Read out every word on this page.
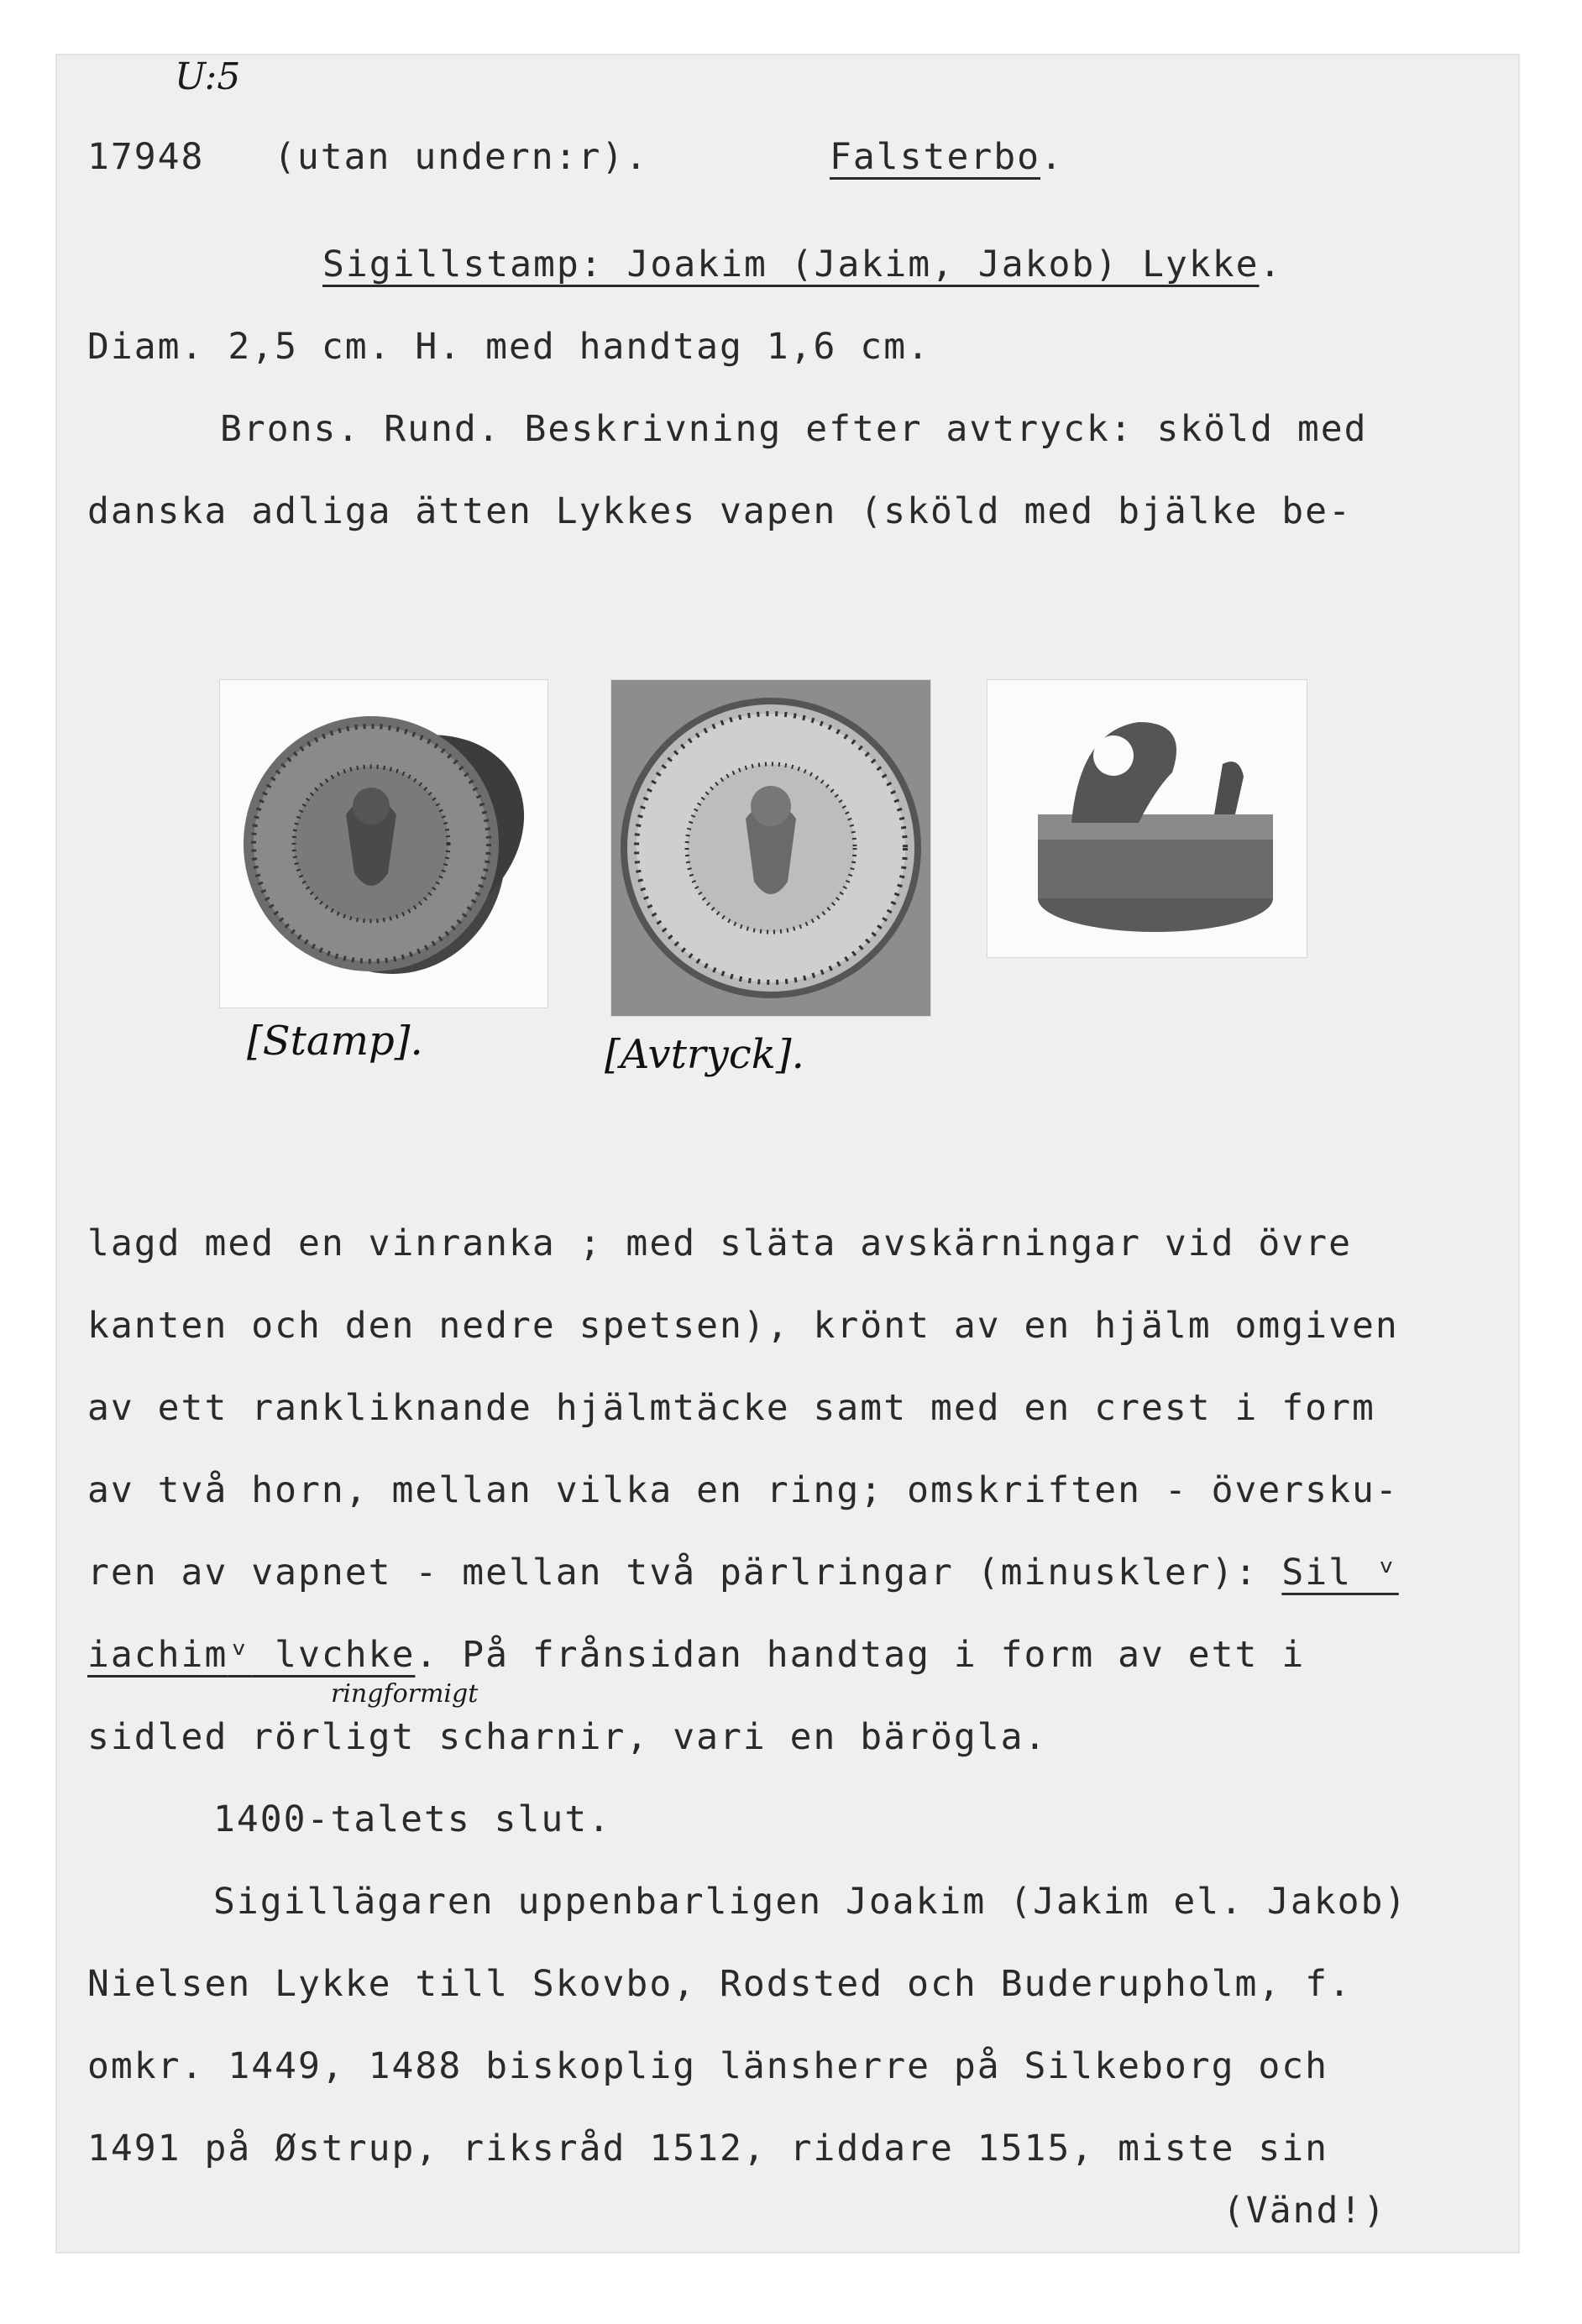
U:5
17948 (utan undern:r).	Falsterbo.
Sigillstamp: Joakim (Jakim, Jakob) Lykke.
Diam. 2,5 cm. H. med handtag 1,6 cm.
Brons. Rund. Beskrivning efter avtryck: sköld med
danska adliga ätten Lykkes vapen (sköld med bjälke be-
[Stamp].	[Avtryck].
lagd med en vinranka ; med släta avskärningar vid övre
kanten och den nedre spetsen), krönt av en hjälm omgiven
av ett rankliknande hjälmtäcke samt med en crest i form
av två horn, mellan vilka en ring; omskriften - översku-
ren av vapnet - mellan två pärlringar (minuskler): Sil ᵛ
iachimᵛ lvchke. På frånsidan handtag i form av ett i
ringformigt
sidled rörligt scharnir, vari en bärögla.
1400-talets slut.
Sigillägaren uppenbarligen Joakim (Jakim el. Jakob)
Nielsen Lykke till Skovbo, Rodsted och Buderupholm, f.
omkr. 1449, 1488 biskoplig länsherre på Silkeborg och
1491 på Østrup, riksråd 1512, riddare 1515, miste sin
(Vänd!)
